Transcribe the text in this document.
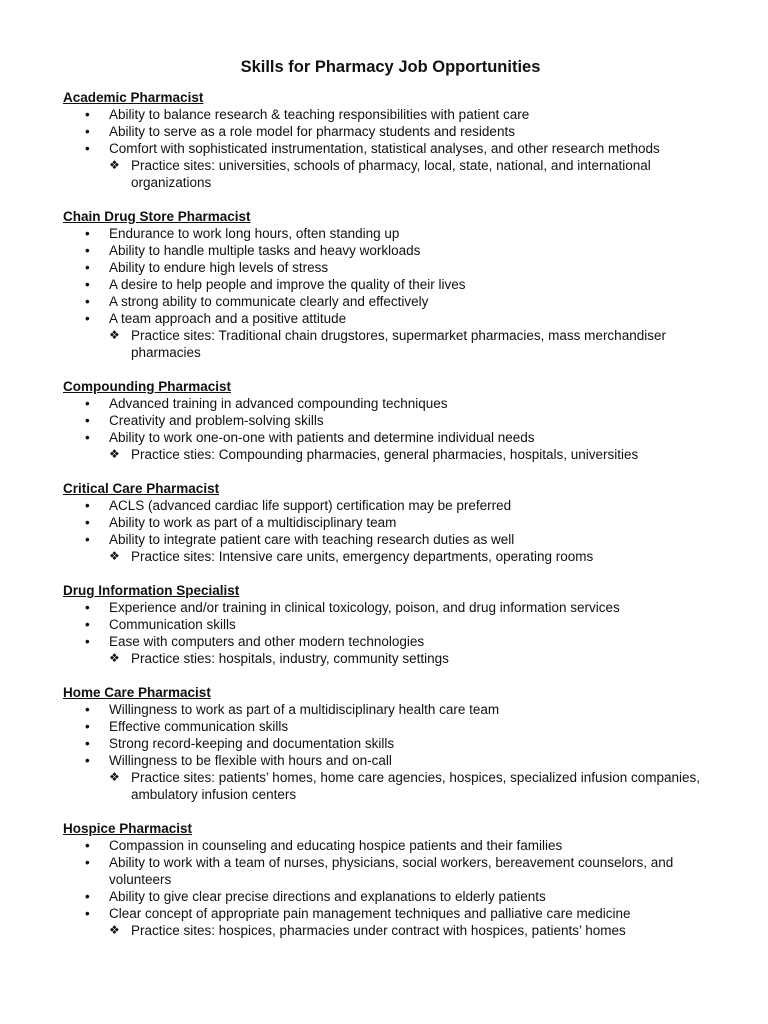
Skills for Pharmacy Job Opportunities
Academic Pharmacist
• Ability to balance research & teaching responsibilities with patient care
• Ability to serve as a role model for pharmacy students and residents
• Comfort with sophisticated instrumentation, statistical analyses, and other research methods
❖ Practice sites: universities, schools of pharmacy, local, state, national, and international organizations
Chain Drug Store Pharmacist
• Endurance to work long hours, often standing up
• Ability to handle multiple tasks and heavy workloads
• Ability to endure high levels of stress
• A desire to help people and improve the quality of their lives
• A strong ability to communicate clearly and effectively
• A team approach and a positive attitude
❖ Practice sites: Traditional chain drugstores, supermarket pharmacies, mass merchandiser pharmacies
Compounding Pharmacist
• Advanced training in advanced compounding techniques
• Creativity and problem-solving skills
• Ability to work one-on-one with patients and determine individual needs
❖ Practice sties: Compounding pharmacies, general pharmacies, hospitals, universities
Critical Care Pharmacist
• ACLS (advanced cardiac life support) certification may be preferred
• Ability to work as part of a multidisciplinary team
• Ability to integrate patient care with teaching research duties as well
❖ Practice sites: Intensive care units, emergency departments, operating rooms
Drug Information Specialist
• Experience and/or training in clinical toxicology, poison, and drug information services
• Communication skills
• Ease with computers and other modern technologies
❖ Practice sties: hospitals, industry, community settings
Home Care Pharmacist
• Willingness to work as part of a multidisciplinary health care team
• Effective communication skills
• Strong record-keeping and documentation skills
• Willingness to be flexible with hours and on-call
❖ Practice sites: patients’ homes, home care agencies, hospices, specialized infusion companies, ambulatory infusion centers
Hospice Pharmacist
• Compassion in counseling and educating hospice patients and their families
• Ability to work with a team of nurses, physicians, social workers, bereavement counselors, and volunteers
• Ability to give clear precise directions and explanations to elderly patients
• Clear concept of appropriate pain management techniques and palliative care medicine
❖ Practice sites: hospices, pharmacies under contract with hospices, patients’ homes
